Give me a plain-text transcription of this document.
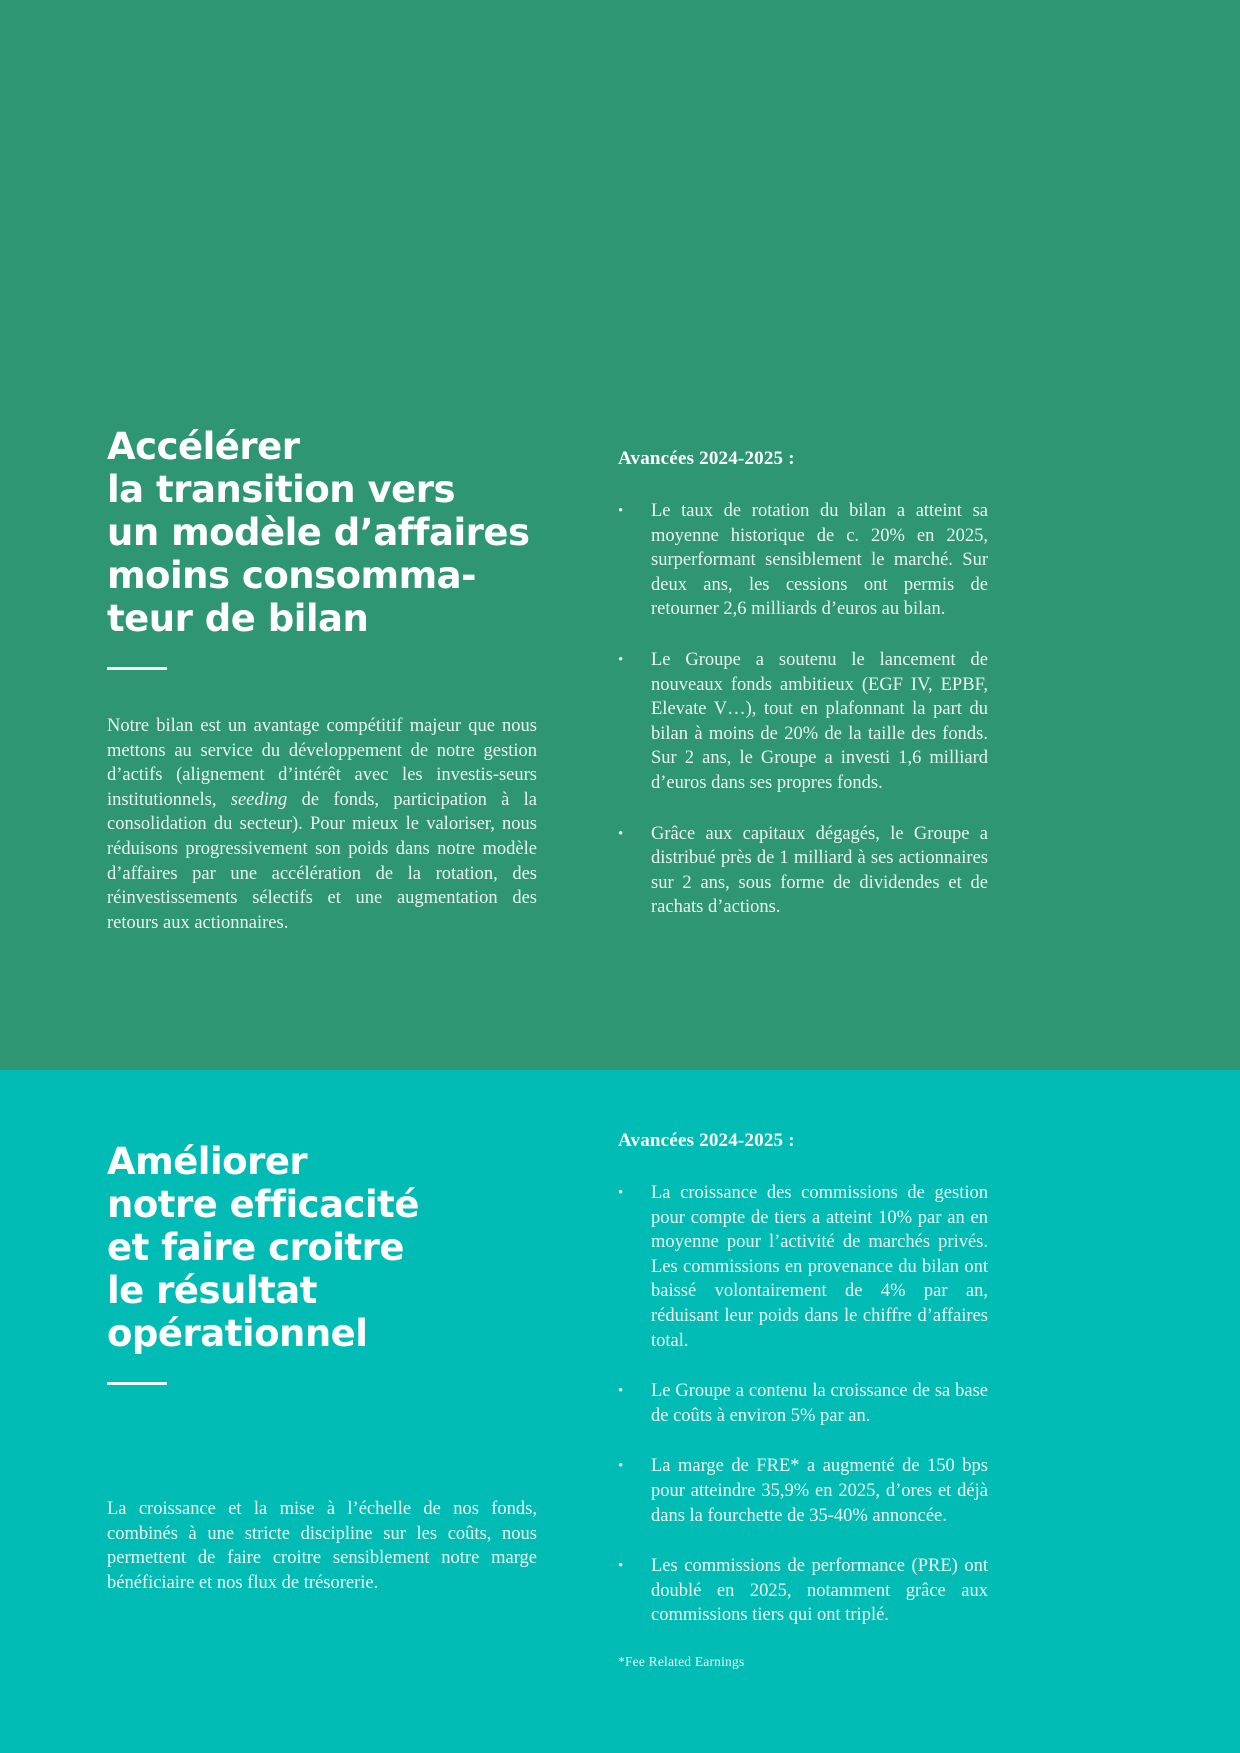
Accélérer
la transition vers
un modèle d’affaires
moins consomma-
teur de bilan

Notre bilan est un avantage compétitif majeur que nous mettons au service du développement de notre gestion d’actifs (alignement d’intérêt avec les investis-seurs institutionnels, seeding de fonds, participation à la consolidation du secteur). Pour mieux le valoriser, nous réduisons progressivement son poids dans notre modèle d’affaires par une accélération de la rotation, des réinvestissements sélectifs et une augmentation des retours aux actionnaires.

Avancées 2024-2025 :
•	Le taux de rotation du bilan a atteint sa moyenne historique de c. 20% en 2025, surperformant sensiblement le marché. Sur deux ans, les cessions ont permis de retourner 2,6 milliards d’euros au bilan.
•	Le Groupe a soutenu le lancement de nouveaux fonds ambitieux (EGF IV, EPBF, Elevate V…), tout en plafonnant la part du bilan à moins de 20% de la taille des fonds. Sur 2 ans, le Groupe a investi 1,6 milliard d’euros dans ses propres fonds.
•	Grâce aux capitaux dégagés, le Groupe a distribué près de 1 milliard à ses actionnaires sur 2 ans, sous forme de dividendes et de rachats d’actions.
Améliorer
notre efficacité
et faire croitre
le résultat
opérationnel

La croissance et la mise à l’échelle de nos fonds, combinés à une stricte discipline sur les coûts, nous permettent de faire croitre sensiblement notre marge bénéficiaire et nos flux de trésorerie.

Avancées 2024-2025 :
•	La croissance des commissions de gestion pour compte de tiers a atteint 10% par an en moyenne pour l’activité de marchés privés. Les commissions en provenance du bilan ont baissé volontairement de 4% par an, réduisant leur poids dans le chiffre d’affaires total.
•	Le Groupe a contenu la croissance de sa base de coûts à environ 5% par an.
•	La marge de FRE* a augmenté de 150 bps pour atteindre 35,9% en 2025, d’ores et déjà dans la fourchette de 35-40% annoncée.
•	Les commissions de performance (PRE) ont doublé en 2025, notamment grâce aux commissions tiers qui ont triplé.

*Fee Related Earnings
